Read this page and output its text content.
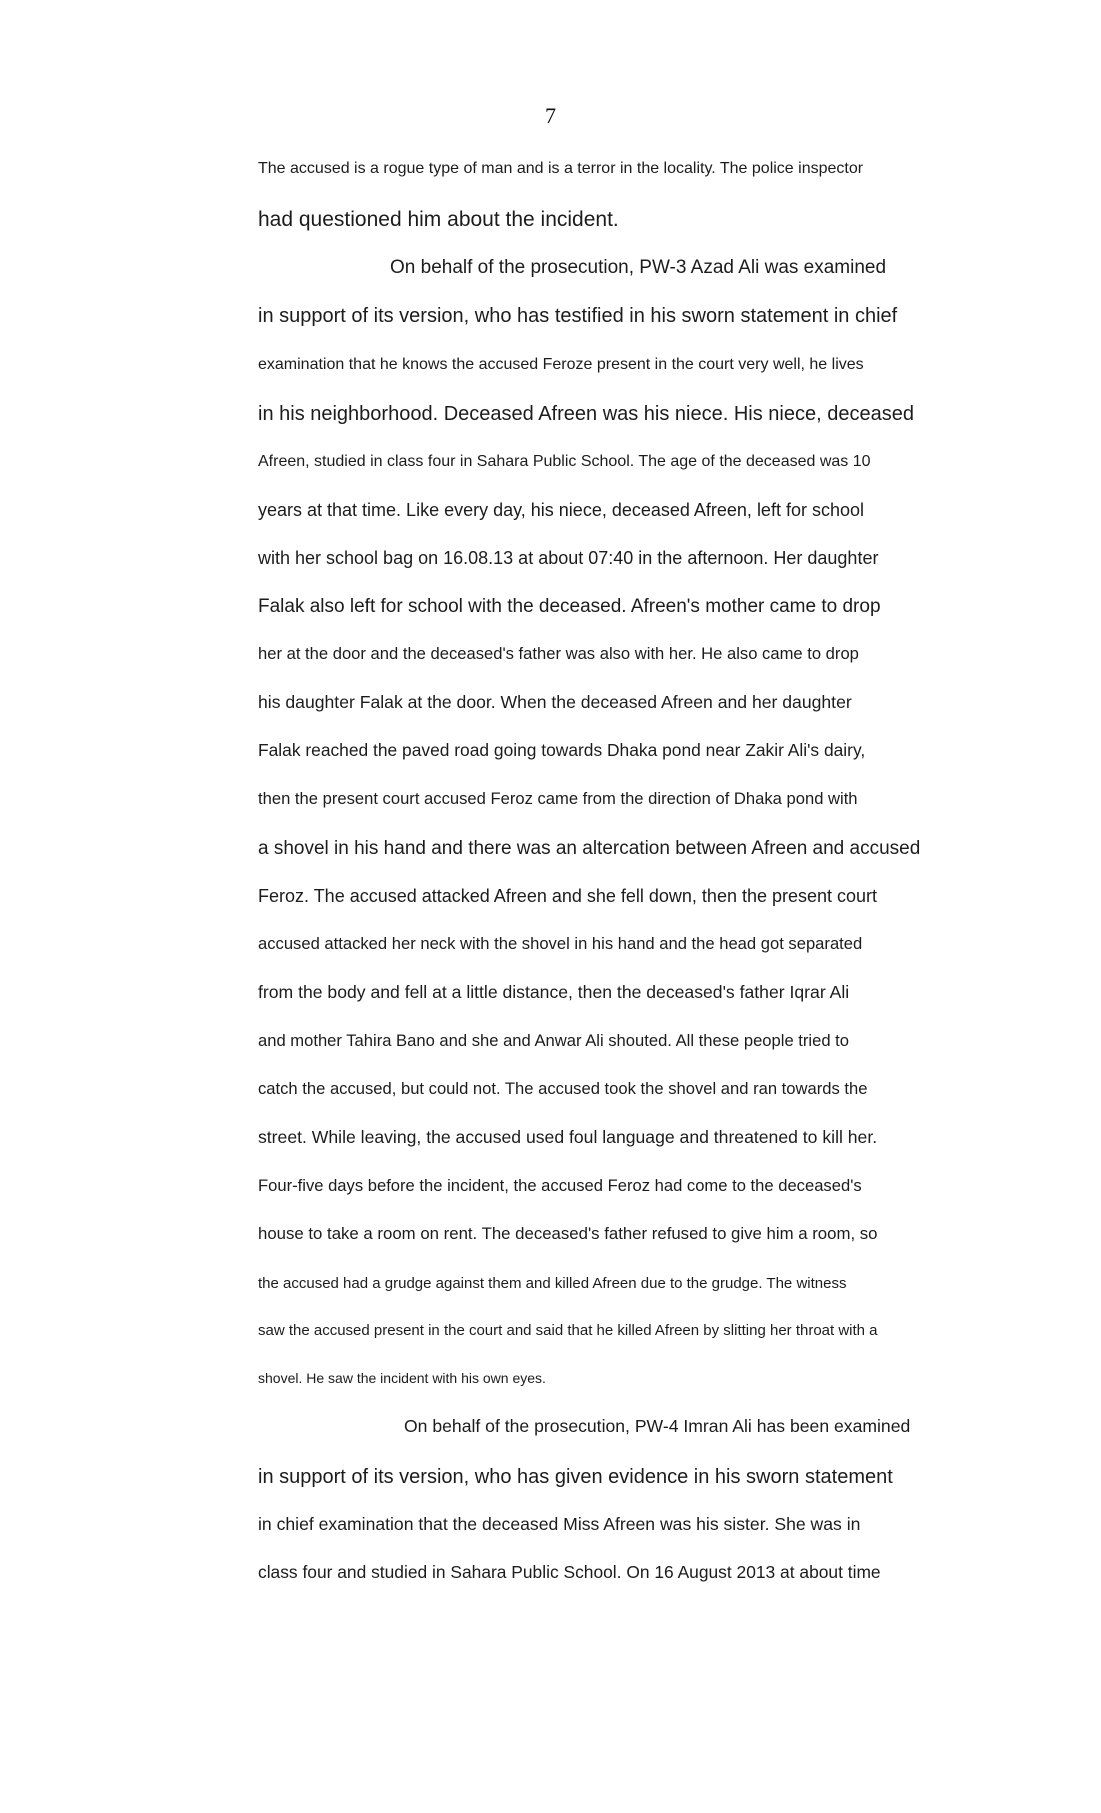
7
The accused is a rogue type of man and is a terror in the locality. The police inspector
had questioned him about the incident.
On behalf of the prosecution, PW-3 Azad Ali was examined
in support of its version, who has testified in his sworn statement in chief
examination that he knows the accused Feroze present in the court very well, he lives
in his neighborhood. Deceased Afreen was his niece. His niece, deceased
Afreen, studied in class four in Sahara Public School. The age of the deceased was 10
years at that time. Like every day, his niece, deceased Afreen, left for school
with her school bag on 16.08.13 at about 07:40 in the afternoon. Her daughter
Falak also left for school with the deceased. Afreen's mother came to drop
her at the door and the deceased's father was also with her. He also came to drop
his daughter Falak at the door. When the deceased Afreen and her daughter
Falak reached the paved road going towards Dhaka pond near Zakir Ali's dairy,
then the present court accused Feroz came from the direction of Dhaka pond with
a shovel in his hand and there was an altercation between Afreen and accused
Feroz. The accused attacked Afreen and she fell down, then the present court
accused attacked her neck with the shovel in his hand and the head got separated
from the body and fell at a little distance, then the deceased's father Iqrar Ali
and mother Tahira Bano and she and Anwar Ali shouted. All these people tried to
catch the accused, but could not. The accused took the shovel and ran towards the
street. While leaving, the accused used foul language and threatened to kill her.
Four-five days before the incident, the accused Feroz had come to the deceased's
house to take a room on rent. The deceased's father refused to give him a room, so
the accused had a grudge against them and killed Afreen due to the grudge. The witness
saw the accused present in the court and said that he killed Afreen by slitting her throat with a
shovel. He saw the incident with his own eyes.
On behalf of the prosecution, PW-4 Imran Ali has been examined
in support of its version, who has given evidence in his sworn statement
in chief examination that the deceased Miss Afreen was his sister. She was in
class four and studied in Sahara Public School. On 16 August 2013 at about time
